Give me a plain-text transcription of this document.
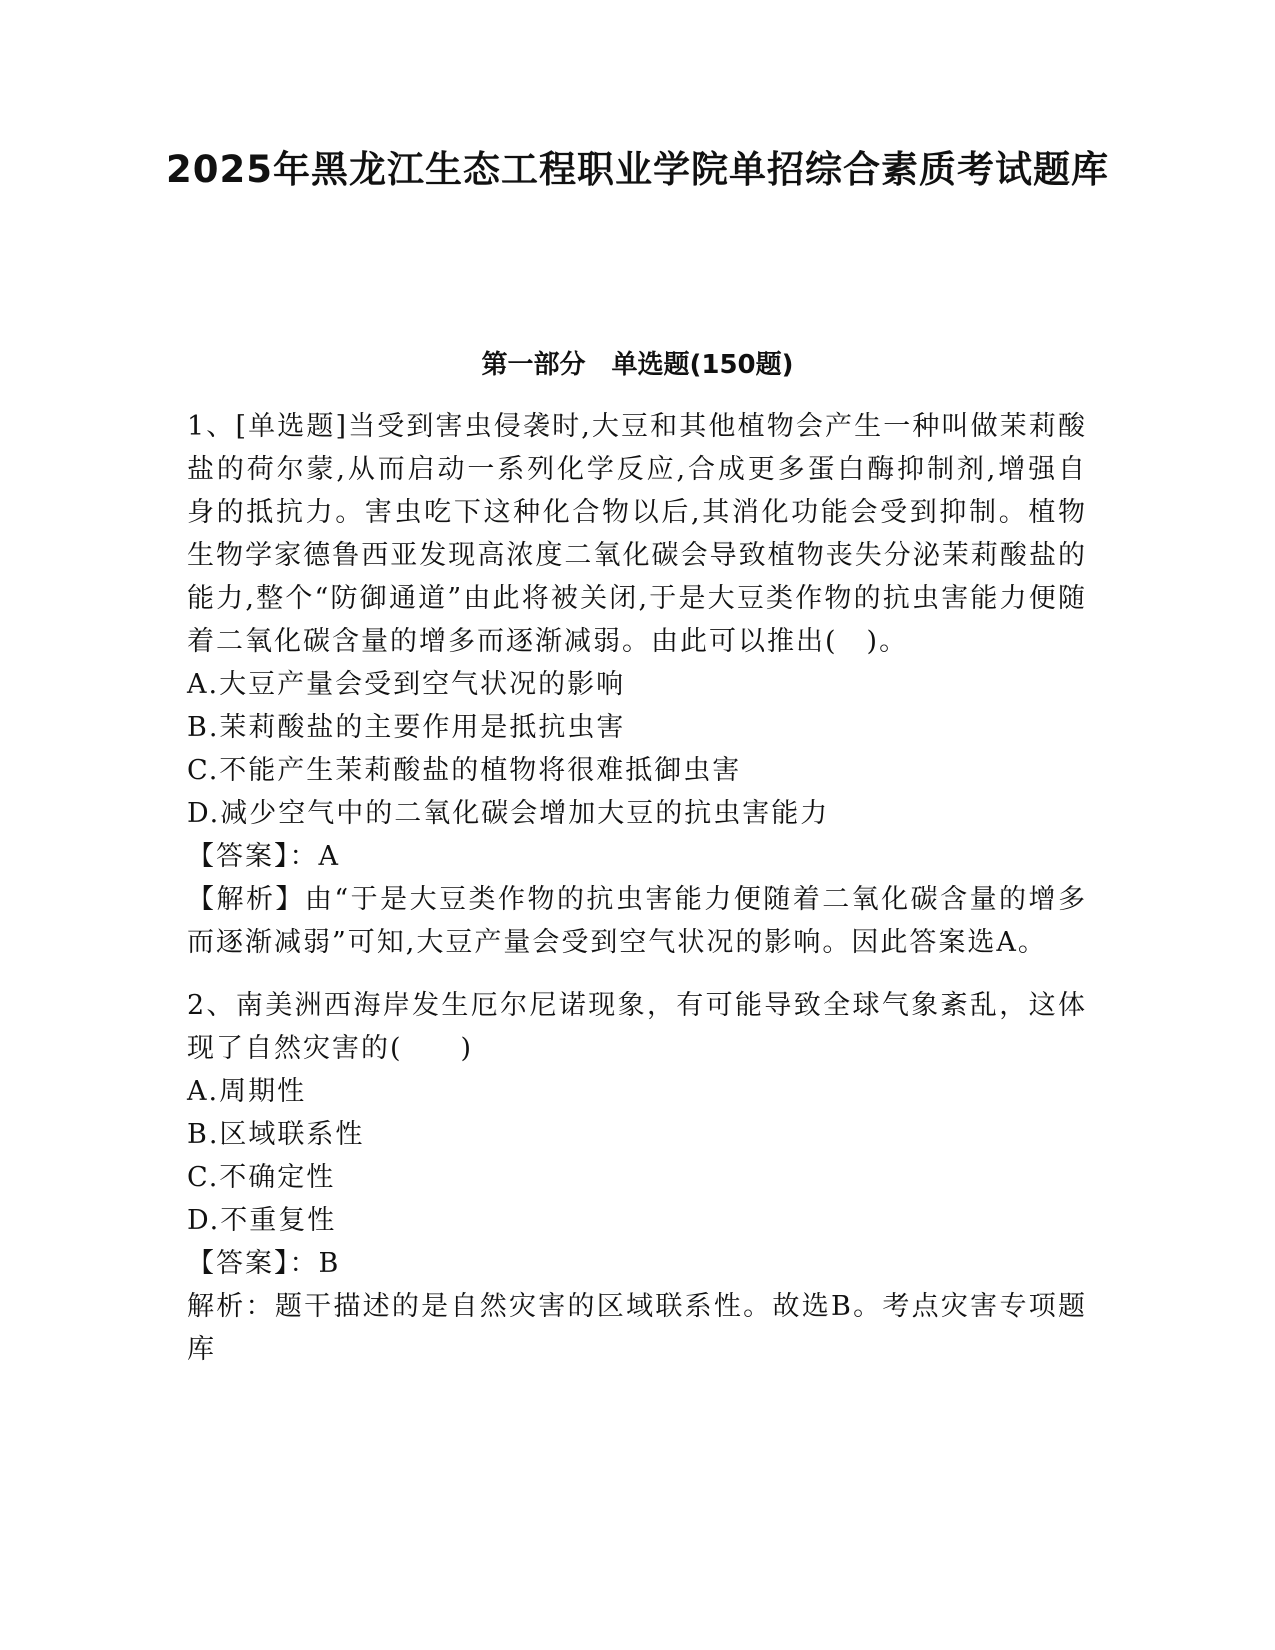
2025年黑龙江生态工程职业学院单招综合素质考试题库
第一部分　单选题(150题)

1、[单选题]当受到害虫侵袭时,大豆和其他植物会产生一种叫做茉莉酸盐的荷尔蒙,从而启动一系列化学反应,合成更多蛋白酶抑制剂,增强自身的抵抗力。害虫吃下这种化合物以后,其消化功能会受到抑制。植物生物学家德鲁西亚发现高浓度二氧化碳会导致植物丧失分泌茉莉酸盐的能力,整个“防御通道”由此将被关闭,于是大豆类作物的抗虫害能力便随着二氧化碳含量的增多而逐渐减弱。由此可以推出(　)。

A.大豆产量会受到空气状况的影响

B.茉莉酸盐的主要作用是抵抗虫害

C.不能产生茉莉酸盐的植物将很难抵御虫害

D.减少空气中的二氧化碳会增加大豆的抗虫害能力

【答案】：A

【解析】由“于是大豆类作物的抗虫害能力便随着二氧化碳含量的增多而逐渐减弱”可知,大豆产量会受到空气状况的影响。因此答案选A。

2、南美洲西海岸发生厄尔尼诺现象，有可能导致全球气象紊乱，这体现了自然灾害的(　　)

A.周期性

B.区域联系性

C.不确定性

D.不重复性

【答案】：B

解析：题干描述的是自然灾害的区域联系性。故选B。考点灾害专项题库
